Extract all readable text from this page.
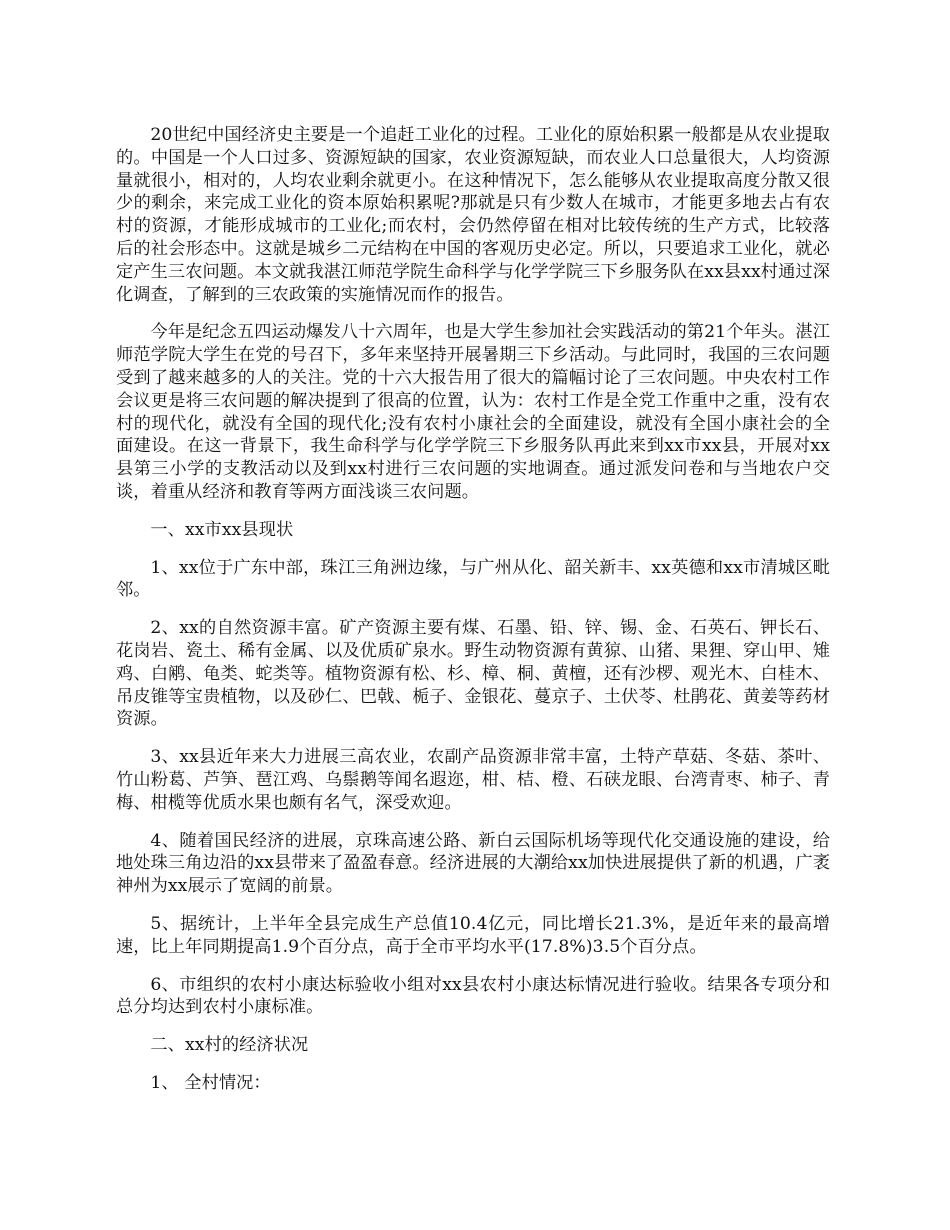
20世纪中国经济史主要是一个追赶工业化的过程。工业化的原始积累一般都是从农业提取的。中国是一个人口过多、资源短缺的国家，农业资源短缺，而农业人口总量很大，人均资源量就很小，相对的，人均农业剩余就更小。在这种情况下，怎么能够从农业提取高度分散又很少的剩余，来完成工业化的资本原始积累呢?那就是只有少数人在城市，才能更多地去占有农村的资源，才能形成城市的工业化;而农村，会仍然停留在相对比较传统的生产方式，比较落后的社会形态中。这就是城乡二元结构在中国的客观历史必定。所以，只要追求工业化，就必定产生三农问题。本文就我湛江师范学院生命科学与化学学院三下乡服务队在xx县xx村通过深化调查，了解到的三农政策的实施情况而作的报告。

今年是纪念五四运动爆发八十六周年，也是大学生参加社会实践活动的第21个年头。湛江师范学院大学生在党的号召下，多年来坚持开展暑期三下乡活动。与此同时，我国的三农问题受到了越来越多的人的关注。党的十六大报告用了很大的篇幅讨论了三农问题。中央农村工作会议更是将三农问题的解决提到了很高的位置，认为：农村工作是全党工作重中之重，没有农村的现代化，就没有全国的现代化;没有农村小康社会的全面建设，就没有全国小康社会的全面建设。在这一背景下，我生命科学与化学学院三下乡服务队再此来到xx市xx县，开展对xx县第三小学的支教活动以及到xx村进行三农问题的实地调查。通过派发问卷和与当地农户交谈，着重从经济和教育等两方面浅谈三农问题。

一、xx市xx县现状

1、xx位于广东中部，珠江三角洲边缘，与广州从化、韶关新丰、xx英德和xx市清城区毗邻。

2、xx的自然资源丰富。矿产资源主要有煤、石墨、铅、锌、锡、金、石英石、钾长石、花岗岩、瓷土、稀有金属、以及优质矿泉水。野生动物资源有黄猄、山猪、果狸、穿山甲、雉鸡、白鹇、龟类、蛇类等。植物资源有松、杉、樟、桐、黄檀，还有沙椤、观光木、白桂木、吊皮锥等宝贵植物，以及砂仁、巴戟、栀子、金银花、蔓京子、土伏苓、杜鹃花、黄姜等药材资源。

3、xx县近年来大力进展三高农业，农副产品资源非常丰富，土特产草菇、冬菇、茶叶、竹山粉葛、芦笋、琶江鸡、乌鬃鹅等闻名遐迩，柑、桔、橙、石硖龙眼、台湾青枣、柿子、青梅、柑榄等优质水果也颇有名气，深受欢迎。

4、随着国民经济的进展，京珠高速公路、新白云国际机场等现代化交通设施的建设，给地处珠三角边沿的xx县带来了盈盈春意。经济进展的大潮给xx加快进展提供了新的机遇，广袤神州为xx展示了宽阔的前景。

5、据统计，上半年全县完成生产总值10.4亿元，同比增长21.3%，是近年来的最高增速，比上年同期提高1.9个百分点，高于全市平均水平(17.8%)3.5个百分点。

6、市组织的农村小康达标验收小组对xx县农村小康达标情况进行验收。结果各专项分和总分均达到农村小康标准。

二、xx村的经济状况

1、 全村情况：
